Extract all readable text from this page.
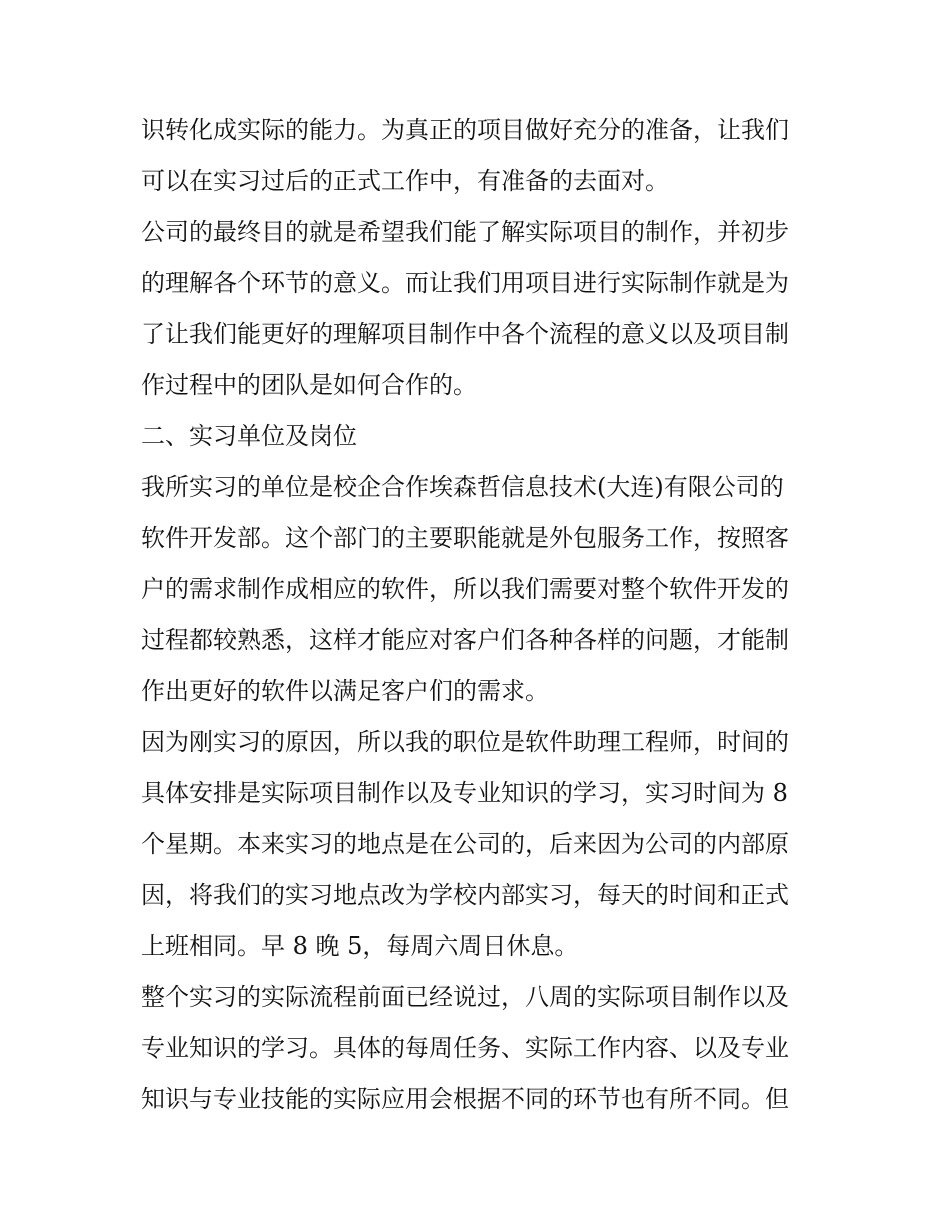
识转化成实际的能力。为真正的项目做好充分的准备，让我们
可以在实习过后的正式工作中，有准备的去面对。
公司的最终目的就是希望我们能了解实际项目的制作，并初步
的理解各个环节的意义。而让我们用项目进行实际制作就是为
了让我们能更好的理解项目制作中各个流程的意义以及项目制
作过程中的团队是如何合作的。
二、实习单位及岗位
我所实习的单位是校企合作埃森哲信息技术(大连)有限公司的
软件开发部。这个部门的主要职能就是外包服务工作，按照客
户的需求制作成相应的软件，所以我们需要对整个软件开发的
过程都较熟悉，这样才能应对客户们各种各样的问题，才能制
作出更好的软件以满足客户们的需求。
因为刚实习的原因，所以我的职位是软件助理工程师，时间的
具体安排是实际项目制作以及专业知识的学习，实习时间为 8
个星期。本来实习的地点是在公司的，后来因为公司的内部原
因，将我们的实习地点改为学校内部实习，每天的时间和正式
上班相同。早 8 晚 5，每周六周日休息。
整个实习的实际流程前面已经说过，八周的实际项目制作以及
专业知识的学习。具体的每周任务、实际工作内容、以及专业
知识与专业技能的实际应用会根据不同的环节也有所不同。但
